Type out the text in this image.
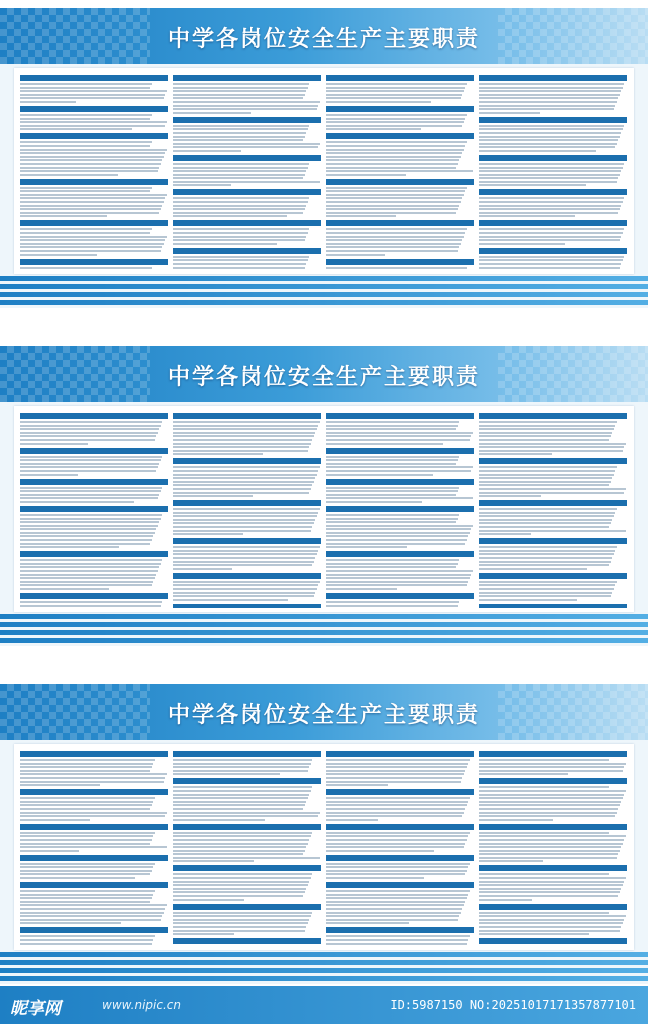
中学各岗位安全生产主要职责
中学各岗位安全生产主要职责
中学各岗位安全生产主要职责
昵享网	www.nipic.cn	ID:5987150 NO:20251017171357877101
